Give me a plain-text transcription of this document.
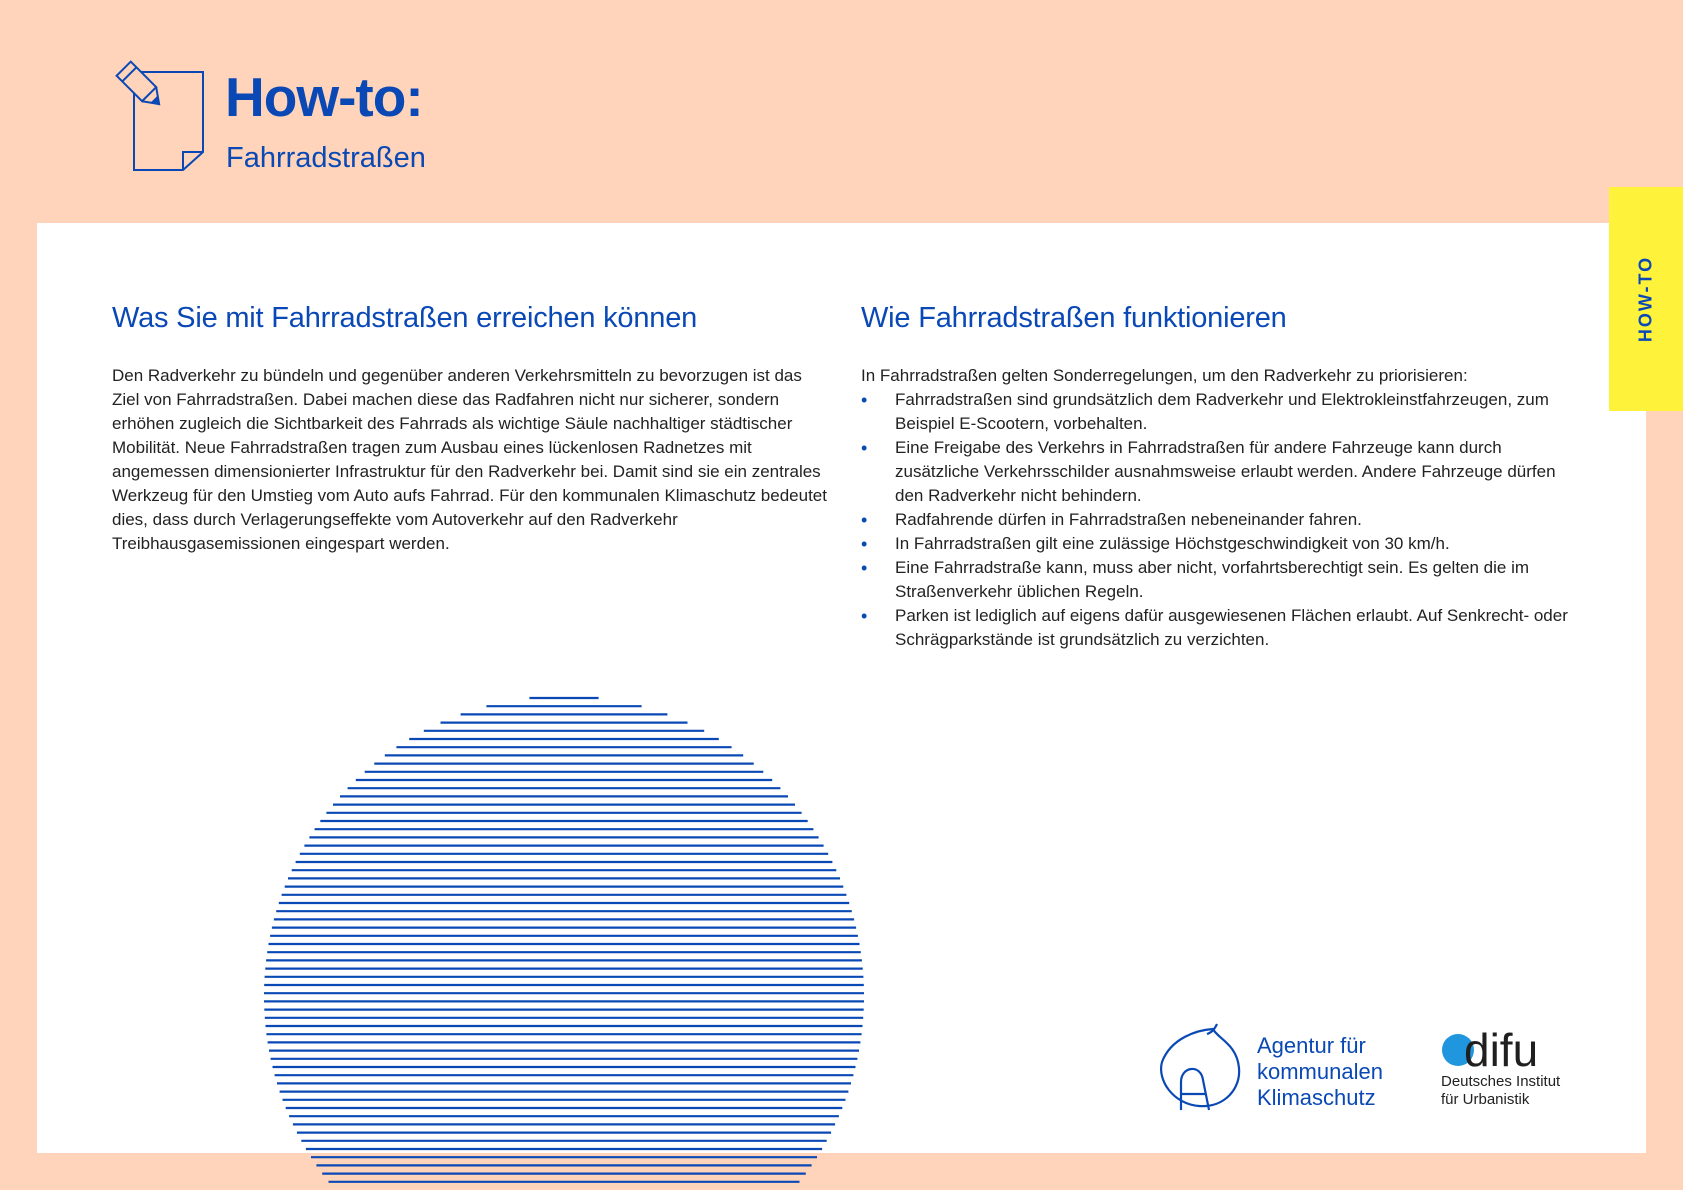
How-to:

Fahrradstraßen

HOW-TO
Was Sie mit Fahrradstraßen erreichen können

Den Radverkehr zu bündeln und gegenüber anderen Verkehrsmitteln zu bevorzugen ist das Ziel von Fahrradstraßen. Dabei machen diese das Radfahren nicht nur sicherer, sondern erhöhen zugleich die Sichtbarkeit des Fahrrads als wichtige Säule nachhaltiger städtischer Mobilität. Neue Fahrradstraßen tragen zum Ausbau eines lückenlosen Radnetzes mit angemessen dimensionierter Infrastruktur für den Radverkehr bei. Damit sind sie ein zentrales Werkzeug für den Umstieg vom Auto aufs Fahrrad. Für den kommunalen Klimaschutz bedeutet dies, dass durch Verlagerungseffekte vom Autoverkehr auf den Radverkehr Treibhausgasemissionen eingespart werden.

Wie Fahrradstraßen funktionieren

In Fahrradstraßen gelten Sonderregelungen, um den Radverkehr zu priorisieren:

• Fahrradstraßen sind grundsätzlich dem Radverkehr und Elektrokleinstfahrzeugen, zum Beispiel E-Scootern, vorbehalten.
• Eine Freigabe des Verkehrs in Fahrradstraßen für andere Fahrzeuge kann durch zusätzliche Verkehrsschilder ausnahmsweise erlaubt werden. Andere Fahrzeuge dürfen den Radverkehr nicht behindern.
• Radfahrende dürfen in Fahrradstraßen nebeneinander fahren.
• In Fahrradstraßen gilt eine zulässige Höchstgeschwindigkeit von 30 km/h.
• Eine Fahrradstraße kann, muss aber nicht, vorfahrtsberechtigt sein. Es gelten die im Straßenverkehr üblichen Regeln.
• Parken ist lediglich auf eigens dafür ausgewiesenen Flächen erlaubt. Auf Senkrecht- oder Schrägparkstände ist grundsätzlich zu verzichten.

Agentur für
kommunalen
Klimaschutz

difu

Deutsches Institut
für Urbanistik
